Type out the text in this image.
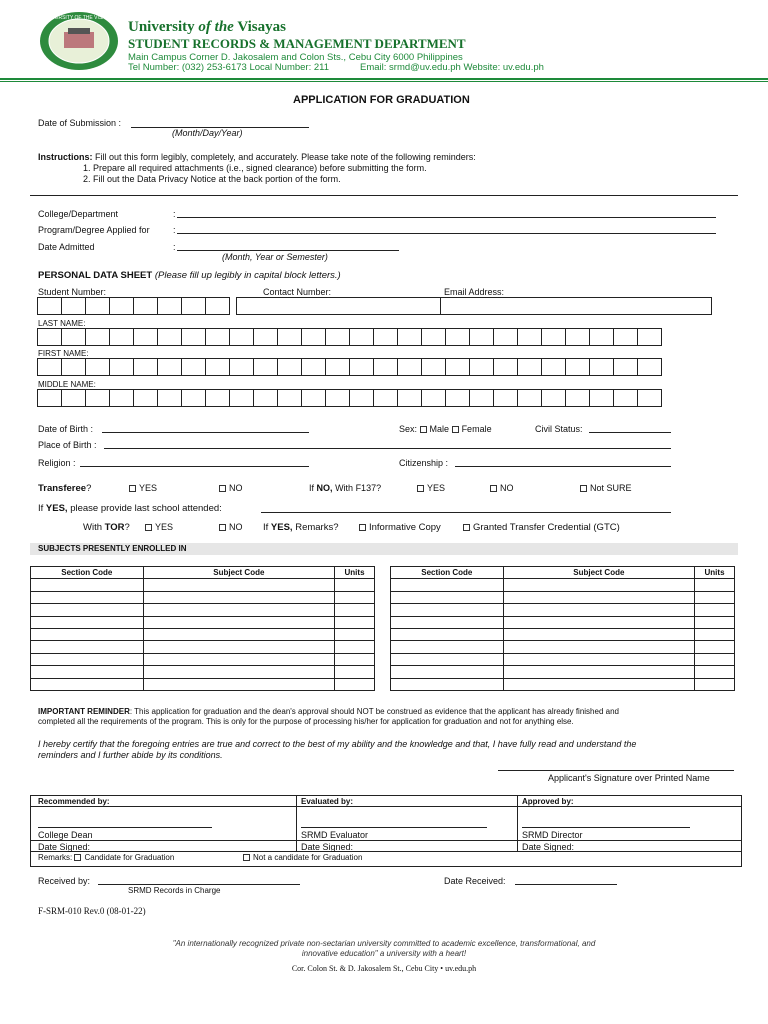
UNIVERSITY OF THE VISAYAS
University of the Visayas
STUDENT RECORDS & MANAGEMENT DEPARTMENT
Main Campus Corner D. Jakosalem and Colon Sts., Cebu City 6000 Philippines
Tel Number: (032) 253-6173 Local Number: 211	Email: srmd@uv.edu.ph Website: uv.edu.ph
APPLICATION FOR GRADUATION
Date of Submission :
(Month/Day/Year)
Instructions: Fill out this form legibly, completely, and accurately. Please take note of the following reminders:
1. Prepare all required attachments (i.e., signed clearance) before submitting the form.
2. Fill out the Data Privacy Notice at the back portion of the form.
College/Department	:
Program/Degree Applied for	:
Date Admitted	:
(Month, Year or Semester)
PERSONAL DATA SHEET (Please fill up legibly in capital block letters.)
Student Number:	Contact Number:	Email Address:
LAST NAME:
FIRST NAME:
MIDDLE NAME:
Date of Birth :	Sex: Male Female	Civil Status:
Place of Birth :
Religion :	Citizenship :
Transferee?	YES	NO	If NO, With F137?	YES	NO	Not SURE
If YES, please provide last school attended:
With TOR?	YES	NO If YES, Remarks?	Informative Copy	Granted Transfer Credential (GTC)
SUBJECTS PRESENTLY ENROLLED IN
Section Code	Subject Code	Units

			Section Code	Subject Code	Units

IMPORTANT REMINDER: This application for graduation and the dean's approval should NOT be construed as evidence that the applicant has already finished and
completed all the requirements of the program. This is only for the purpose of processing his/her for application for graduation and not for anything else.
I hereby certify that the foregoing entries are true and correct to the best of my ability and the knowledge and that, I have fully read and understand the
reminders and I further abide by its conditions.
Applicant's Signature over Printed Name
Recommended by:	Evaluated by:	Approved by:
College Dean	SRMD Evaluator	SRMD Director
Date Signed:	Date Signed:	Date Signed:
Remarks: Candidate for Graduation	Not a candidate for Graduation
Received by:
SRMD Records in Charge
Date Received:
F-SRM-010 Rev.0 (08-01-22)
"An internationally recognized private non-sectarian university committed to academic excellence, transformational, and
innovative education" a university with a heart!
Cor. Colon St. & D. Jakosalem St., Cebu City • uv.edu.ph
